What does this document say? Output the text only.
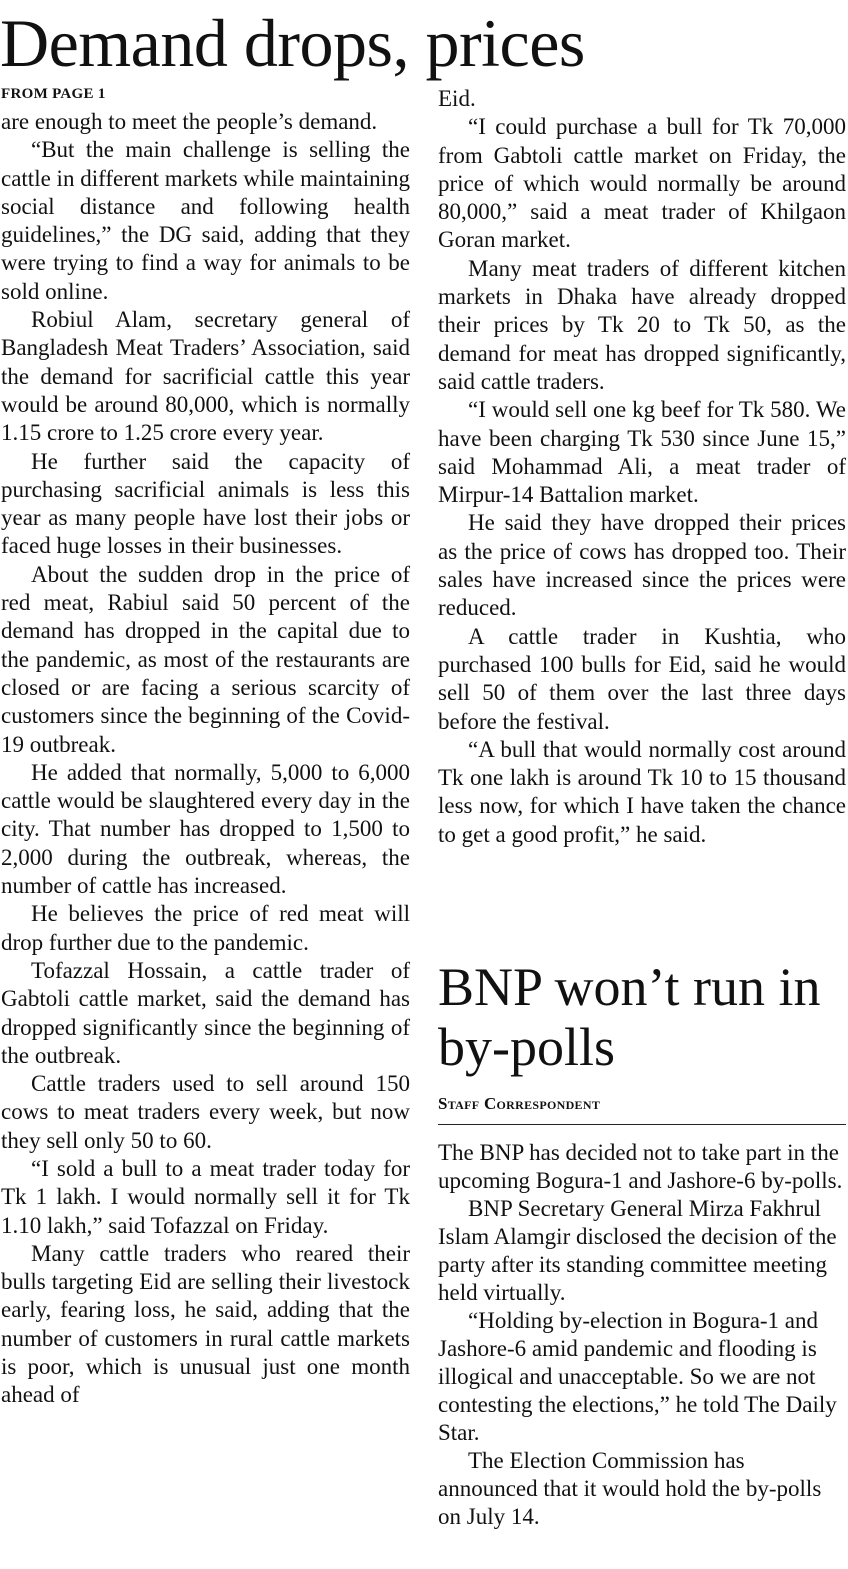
Demand drops, prices
FROM PAGE 1

are enough to meet the people’s demand.

“But the main challenge is selling the cattle in different markets while maintaining social distance and following health guidelines,” the DG said, adding that they were trying to find a way for animals to be sold online.

Robiul Alam, secretary general of Bangladesh Meat Traders’ Association, said the demand for sacrificial cattle this year would be around 80,000, which is normally 1.15 crore to 1.25 crore every year.

He further said the capacity of purchasing sacrificial animals is less this year as many people have lost their jobs or faced huge losses in their businesses.

About the sudden drop in the price of red meat, Rabiul said 50 percent of the demand has dropped in the capital due to the pandemic, as most of the restaurants are closed or are facing a serious scarcity of customers since the beginning of the Covid-19 outbreak.

He added that normally, 5,000 to 6,000 cattle would be slaughtered every day in the city. That number has dropped to 1,500 to 2,000 during the outbreak, whereas, the number of cattle has increased.

He believes the price of red meat will drop further due to the pandemic.

Tofazzal Hossain, a cattle trader of Gabtoli cattle market, said the demand has dropped significantly since the beginning of the outbreak.

Cattle traders used to sell around 150 cows to meat traders every week, but now they sell only 50 to 60.

“I sold a bull to a meat trader today for Tk 1 lakh. I would normally sell it for Tk 1.10 lakh,” said Tofazzal on Friday.

Many cattle traders who reared their bulls targeting Eid are selling their livestock early, fearing loss, he said, adding that the number of customers in rural cattle markets is poor, which is unusual just one month ahead of

Eid.

“I could purchase a bull for Tk 70,000 from Gabtoli cattle market on Friday, the price of which would normally be around 80,000,” said a meat trader of Khilgaon Goran market.

Many meat traders of different kitchen markets in Dhaka have already dropped their prices by Tk 20 to Tk 50, as the demand for meat has dropped significantly, said cattle traders.

“I would sell one kg beef for Tk 580. We have been charging Tk 530 since June 15,” said Mohammad Ali, a meat trader of Mirpur-14 Battalion market.

He said they have dropped their prices as the price of cows has dropped too. Their sales have increased since the prices were reduced.

A cattle trader in Kushtia, who purchased 100 bulls for Eid, said he would sell 50 of them over the last three days before the festival.

“A bull that would normally cost around Tk one lakh is around Tk 10 to 15 thousand less now, for which I have taken the chance to get a good profit,” he said.

BNP won’t run in by-polls
Staff Correspondent

The BNP has decided not to take part in the upcoming Bogura-1 and Jashore-6 by-polls.

BNP Secretary General Mirza Fakhrul Islam Alamgir disclosed the decision of the party after its standing committee meeting held virtually.

“Holding by-election in Bogura-1 and Jashore-6 amid pandemic and flooding is illogical and unacceptable. So we are not contesting the elections,” he told The Daily Star.

The Election Commission has announced that it would hold the by-polls on July 14.
